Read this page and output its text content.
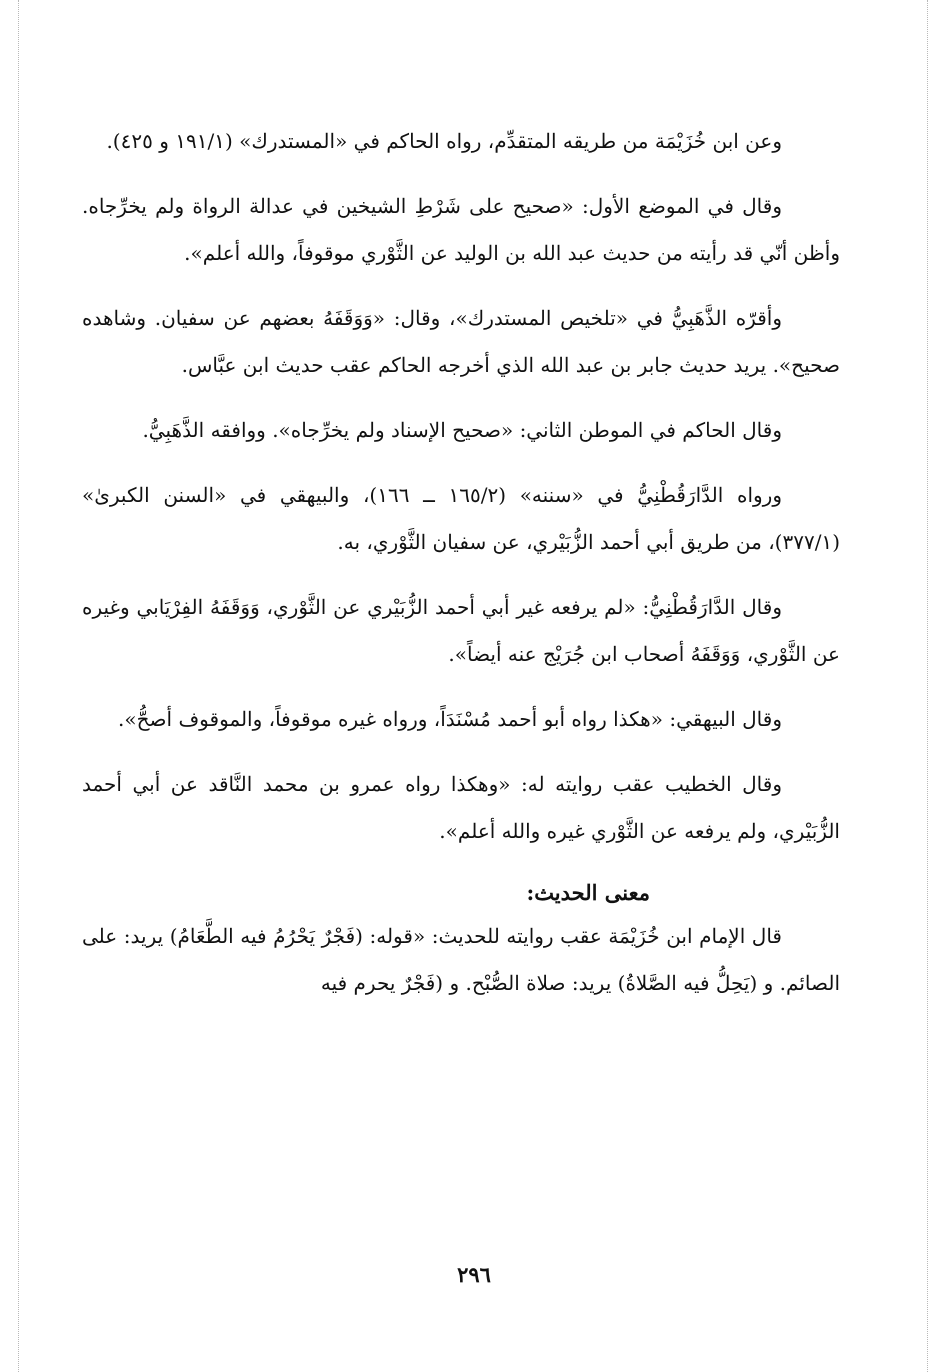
وعن ابن خُزَيْمَة من طريقه المتقدِّم، رواه الحاكم في «المستدرك» (١٩١/١ و ٤٢٥).

وقال في الموضع الأول: «صحيح على شَرْطِ الشيخين في عدالة الرواة ولم يخرِّجاه. وأظن أنّي قد رأيته من حديث عبد الله بن الوليد عن الثَّوْري موقوفاً، والله أعلم».

وأقرّه الذَّهَبِيُّ في «تلخيص المستدرك»، وقال: «وَوَقَفَهُ بعضهم عن سفيان. وشاهده صحيح». يريد حديث جابر بن عبد الله الذي أخرجه الحاكم عقب حديث ابن عبَّاس.

وقال الحاكم في الموطن الثاني: «صحيح الإسناد ولم يخرِّجاه». ووافقه الذَّهَبِيُّ.

ورواه الدَّارَقُطْنِيُّ في «سننه» (١٦٥/٢ ــ ١٦٦)، والبيهقي في «السنن الكبرىٰ» (٣٧٧/١)، من طريق أبي أحمد الزُّبَيْري، عن سفيان الثَّوْري، به.

وقال الدَّارَقُطْنِيُّ: «لم يرفعه غير أبي أحمد الزُّبَيْري عن الثَّوْري، وَوَقَفَهُ الفِرْيَابي وغيره عن الثَّوْري، وَوَقَفَهُ أصحاب ابن جُرَيْج عنه أيضاً».

وقال البيهقي: «هكذا رواه أبو أحمد مُسْنَدَاً، ورواه غيره موقوفاً، والموقوف أصحُّ».

وقال الخطيب عقب روايته له: «وهكذا رواه عمرو بن محمد النَّاقد عن أبي أحمد الزُّبَيْري، ولم يرفعه عن الثَّوْري غيره والله أعلم».

معنى الحديث:

قال الإمام ابن خُزَيْمَة عقب روايته للحديث: «قوله: (فَجْرٌ يَحْرُمُ فيه الطَّعَامُ) يريد: على الصائم. و (يَحِلُّ فيه الصَّلاةُ) يريد: صلاة الصُّبْح. و (فَجْرٌ يحرم فيه

٢٩٦
